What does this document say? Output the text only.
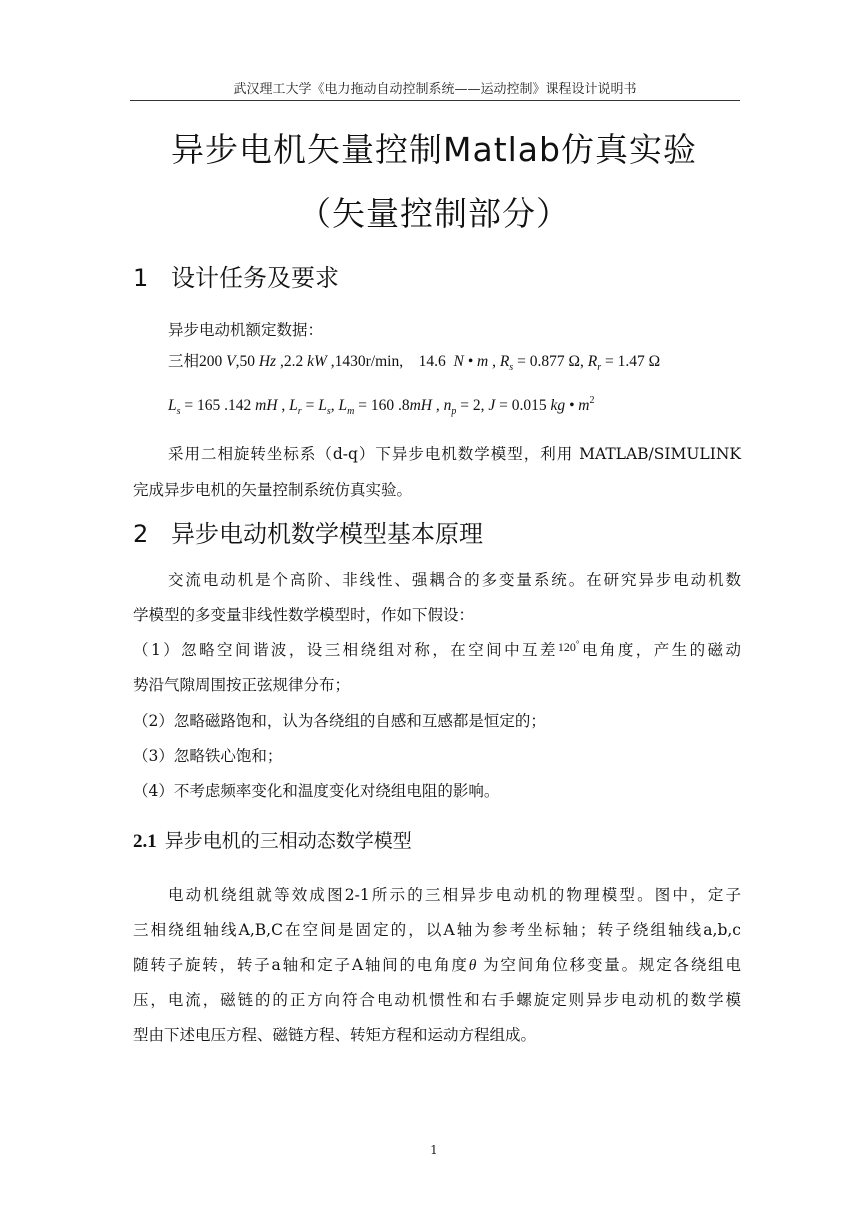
武汉理工大学《电力拖动自动控制系统——运动控制》课程设计说明书
异步电机矢量控制Matlab仿真实验
（矢量控制部分）
1 设计任务及要求
异步电动机额定数据：
三相200 V,50 Hz ,2.2 kW ,1430r/min, 14.6 N • m , $R_s = 0.877$ Ω, $R_r = 1.47$ Ω
$L_s = 165$ .142 mH , $L_r = L_s$, $L_m = 160$ .8mH , $n_p = 2$, J = 0.015 kg • $m^2$
采用二相旋转坐标系（d-q）下异步电机数学模型，利用 MATLAB/SIMULINK
完成异步电机的矢量控制系统仿真实验。
2 异步电动机数学模型基本原理
交流电动机是个高阶、非线性、强耦合的多变量系统。在研究异步电动机数
学模型的多变量非线性数学模型时，作如下假设：
（1）忽略空间谐波，设三相绕组对称，在空间中互差$^{120^\circ}$电角度，产生的磁动
势沿气隙周围按正弦规律分布；
（2）忽略磁路饱和，认为各绕组的自感和互感都是恒定的；
（3）忽略铁心饱和；
（4）不考虑频率变化和温度变化对绕组电阻的影响。
2.1 异步电机的三相动态数学模型
电动机绕组就等效成图2-1所示的三相异步电动机的物理模型。图中，定子
三相绕组轴线A,B,C在空间是固定的，以A轴为参考坐标轴；转子绕组轴线a,b,c
随转子旋转，转子a轴和定子A轴间的电角度θ 为空间角位移变量。规定各绕组电
压，电流，磁链的的正方向符合电动机惯性和右手螺旋定则异步电动机的数学模
型由下述电压方程、磁链方程、转矩方程和运动方程组成。
1
